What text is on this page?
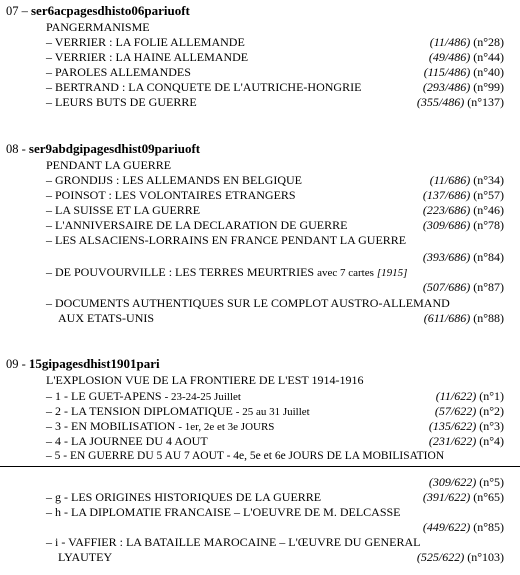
07 – ser6acpagesdhisto06pariuoft
PANGERMANISME
– VERRIER : LA FOLIE ALLEMANDE	(11/486) (n°28)
– VERRIER : LA HAINE ALLEMANDE	(49/486) (n°44)
– PAROLES ALLEMANDES	(115/486) (n°40)
– BERTRAND : LA CONQUETE DE L'AUTRICHE-HONGRIE	(293/486) (n°99)
– LEURS BUTS DE GUERRE	(355/486) (n°137)
08 - ser9abdgipagesdhist09pariuoft
PENDANT LA GUERRE
– GRONDIJS : LES ALLEMANDS EN BELGIQUE	(11/686) (n°34)
– POINSOT : LES VOLONTAIRES ETRANGERS	(137/686) (n°57)
– LA SUISSE ET LA GUERRE	(223/686) (n°46)
– L'ANNIVERSAIRE DE LA DECLARATION DE GUERRE	(309/686) (n°78)
– LES ALSACIENS-LORRAINS EN FRANCE PENDANT LA GUERRE
(393/686) (n°84)
– DE POUVOURVILLE : LES TERRES MEURTRIES avec 7 cartes [1915]
(507/686) (n°87)
– DOCUMENTS AUTHENTIQUES SUR LE COMPLOT AUSTRO-ALLEMAND
AUX ETATS-UNIS	(611/686) (n°88)
09 - 15gipagesdhist1901pari
L'EXPLOSION VUE DE LA FRONTIERE DE L'EST 1914-1916
– 1 - LE GUET-APENS - 23-24-25 Juillet	(11/622) (n°1)
– 2 - LA TENSION DIPLOMATIQUE - 25 au 31 Juillet	(57/622) (n°2)
– 3 - EN MOBILISATION - 1er, 2e et 3e JOURS	(135/622) (n°3)
– 4 - LA JOURNEE DU 4 AOUT	(231/622) (n°4)
– 5 - EN GUERRE DU 5 AU 7 AOUT - 4e, 5e et 6e JOURS DE LA MOBILISATION
(309/622) (n°5)
– g - LES ORIGINES HISTORIQUES DE LA GUERRE	(391/622) (n°65)
– h - LA DIPLOMATIE FRANCAISE – L'OEUVRE DE M. DELCASSE
(449/622) (n°85)
– i - VAFFIER : LA BATAILLE MAROCAINE – L'ŒUVRE DU GENERAL
LYAUTEY	(525/622) (n°103)
